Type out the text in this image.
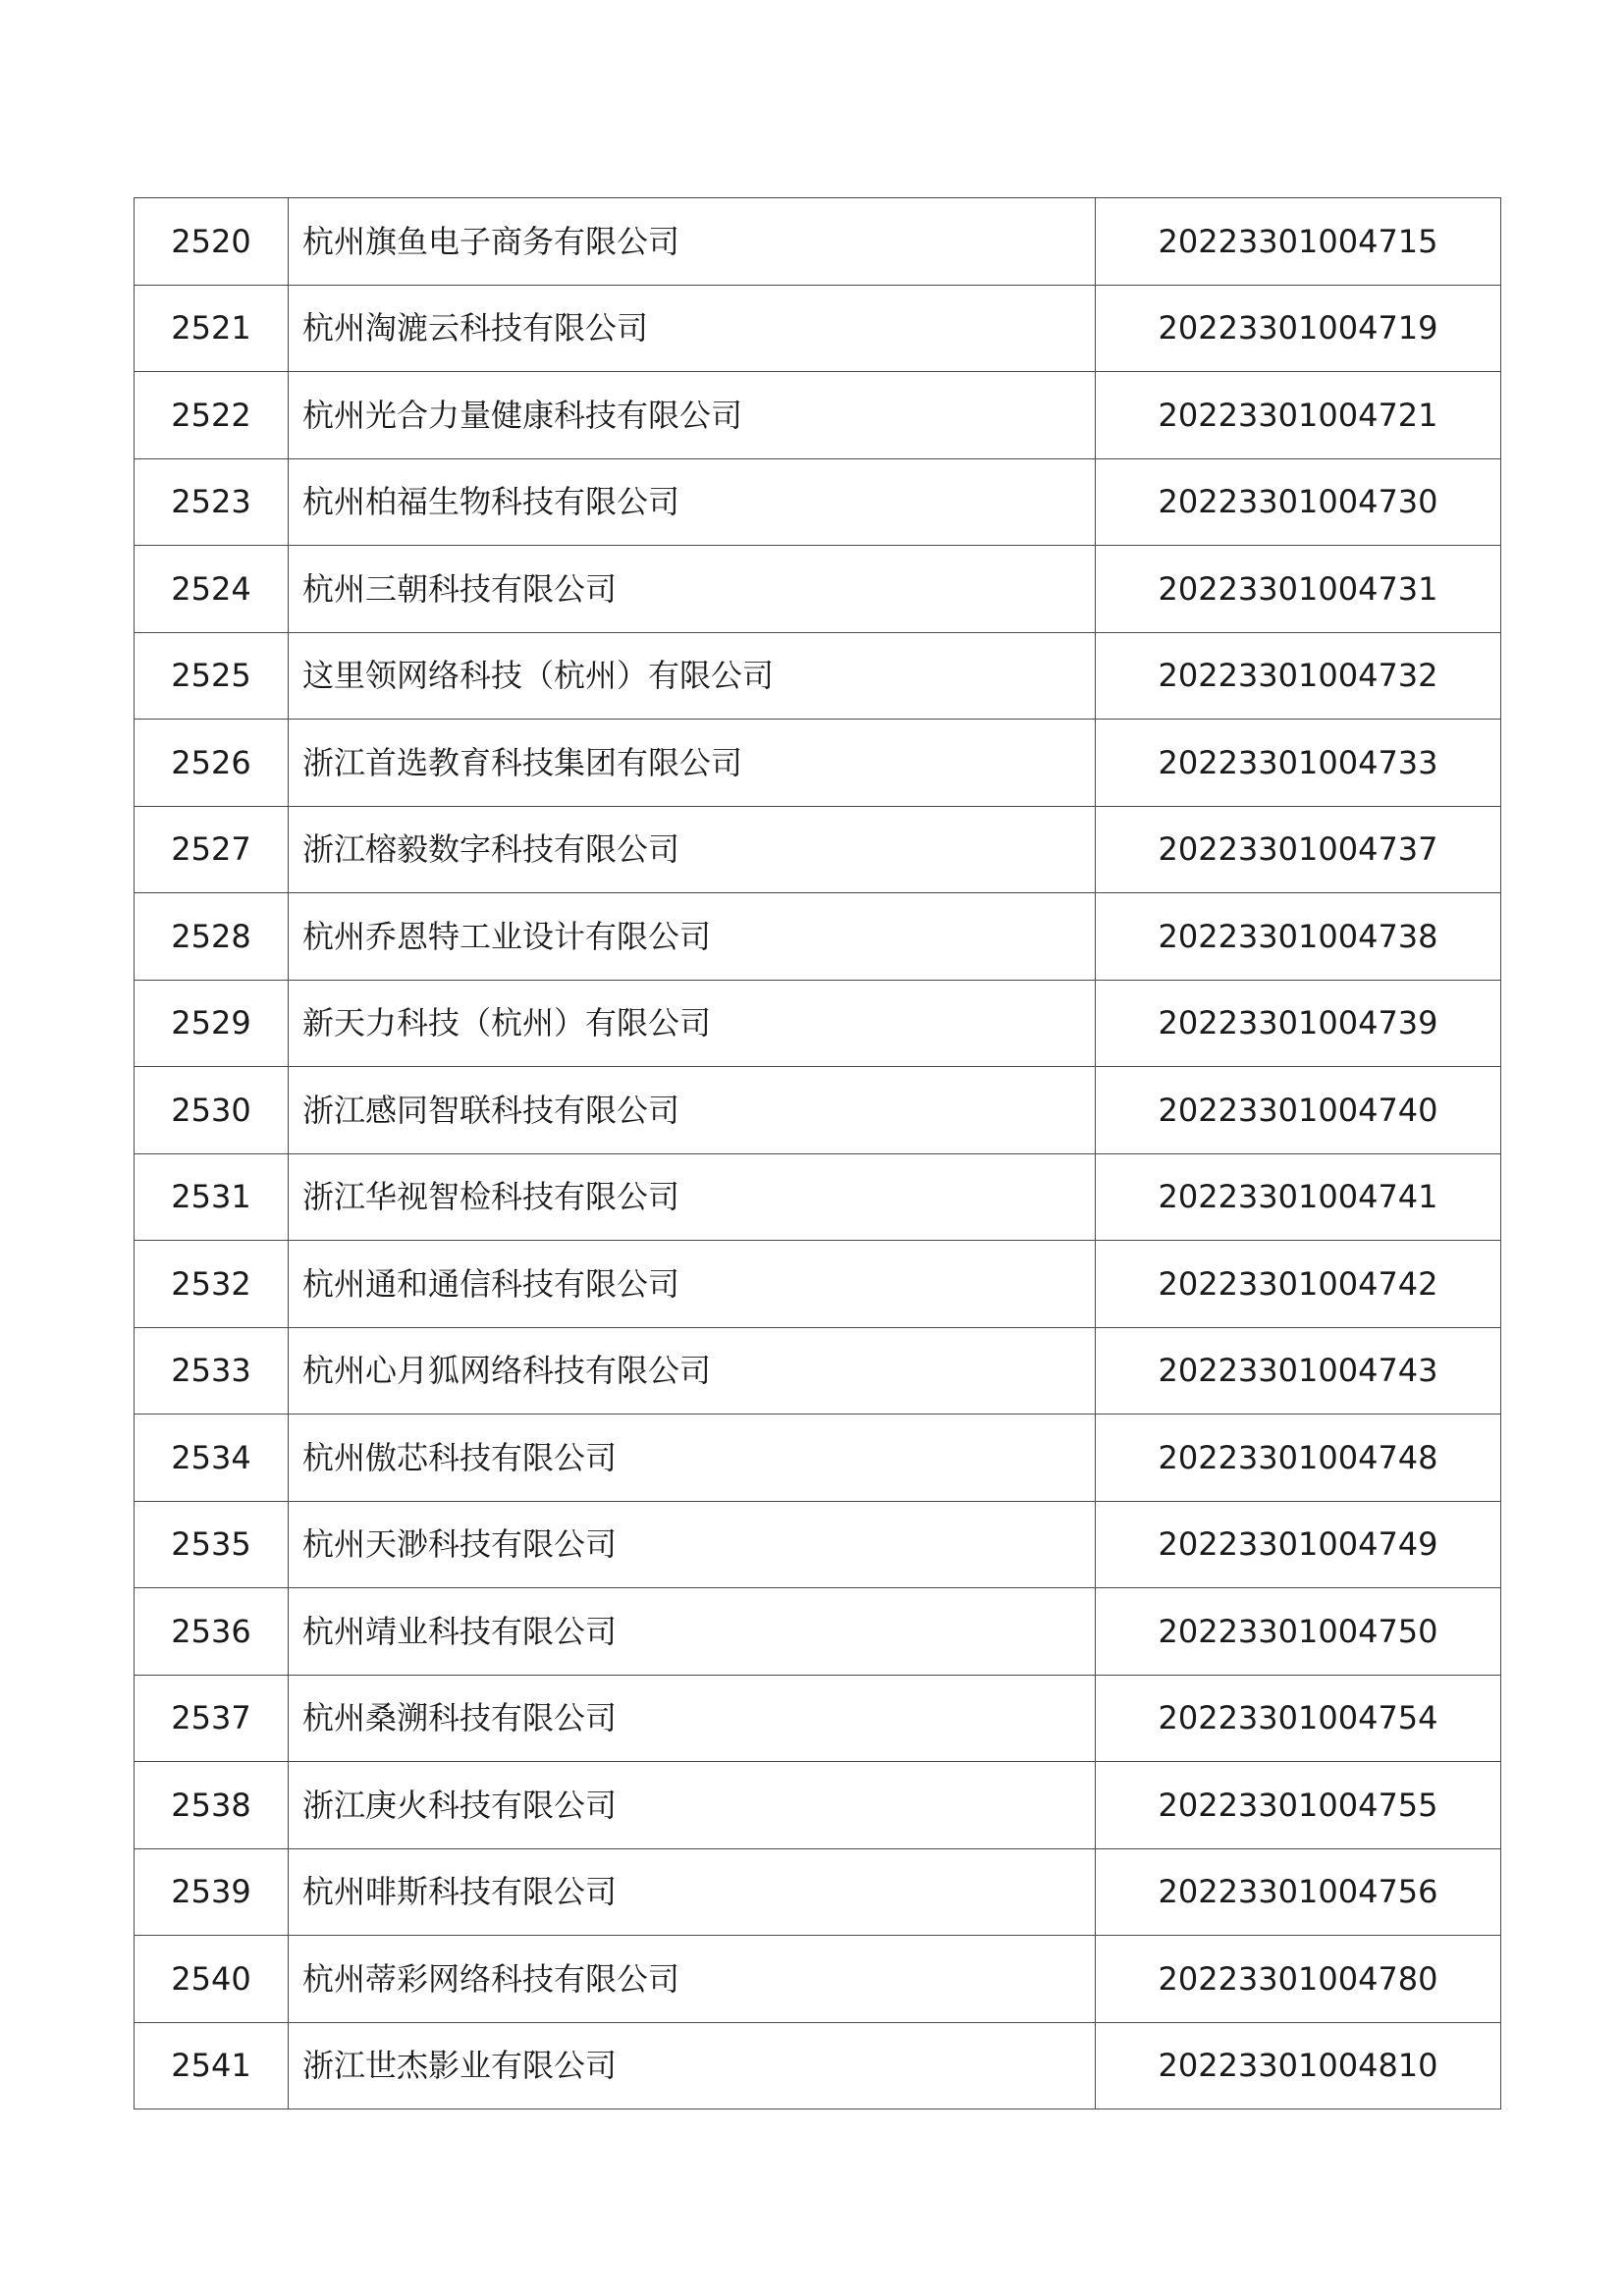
2520	杭州旗鱼电子商务有限公司	20223301004715
2521	杭州淘漉云科技有限公司	20223301004719
2522	杭州光合力量健康科技有限公司	20223301004721
2523	杭州柏福生物科技有限公司	20223301004730
2524	杭州三朝科技有限公司	20223301004731
2525	这里领网络科技（杭州）有限公司	20223301004732
2526	浙江首选教育科技集团有限公司	20223301004733
2527	浙江榕毅数字科技有限公司	20223301004737
2528	杭州乔恩特工业设计有限公司	20223301004738
2529	新天力科技（杭州）有限公司	20223301004739
2530	浙江感同智联科技有限公司	20223301004740
2531	浙江华视智检科技有限公司	20223301004741
2532	杭州通和通信科技有限公司	20223301004742
2533	杭州心月狐网络科技有限公司	20223301004743
2534	杭州傲芯科技有限公司	20223301004748
2535	杭州天渺科技有限公司	20223301004749
2536	杭州靖业科技有限公司	20223301004750
2537	杭州桑溯科技有限公司	20223301004754
2538	浙江庚火科技有限公司	20223301004755
2539	杭州啡斯科技有限公司	20223301004756
2540	杭州蒂彩网络科技有限公司	20223301004780
2541	浙江世杰影业有限公司	20223301004810
